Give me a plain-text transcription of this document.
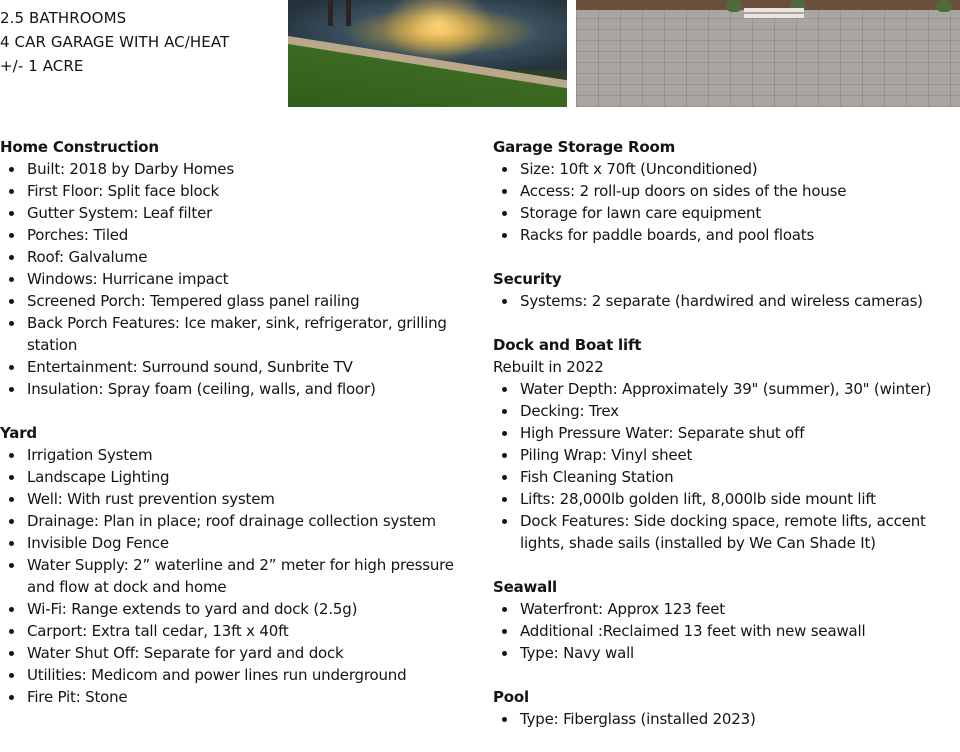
2.5 BATHROOMS
4 CAR GARAGE WITH AC/HEAT
+/- 1 ACRE
Home Construction
Built: 2018 by Darby Homes
First Floor: Split face block
Gutter System: Leaf filter
Porches: Tiled
Roof: Galvalume
Windows: Hurricane impact
Screened Porch: Tempered glass panel railing
Back Porch Features: Ice maker, sink, refrigerator, grilling station
Entertainment: Surround sound, Sunbrite TV
Insulation: Spray foam (ceiling, walls, and floor)
Yard
Irrigation System
Landscape Lighting
Well: With rust prevention system
Drainage: Plan in place; roof drainage collection system
Invisible Dog Fence
Water Supply: 2” waterline and 2” meter for high pressure and flow at dock and home
Wi-Fi: Range extends to yard and dock (2.5g)
Carport: Extra tall cedar, 13ft x 40ft
Water Shut Off: Separate for yard and dock
Utilities: Medicom and power lines run underground
Fire Pit: Stone
Garage Storage Room
Size: 10ft x 70ft (Unconditioned)
Access: 2 roll-up doors on sides of the house
Storage for lawn care equipment
Racks for paddle boards, and pool floats
Security
Systems: 2 separate (hardwired and wireless cameras)
Dock and Boat lift
Rebuilt in 2022
Water Depth: Approximately 39" (summer), 30" (winter)
Decking: Trex
High Pressure Water: Separate shut off
Piling Wrap: Vinyl sheet
Fish Cleaning Station
Lifts: 28,000lb golden lift, 8,000lb side mount lift
Dock Features: Side docking space, remote lifts, accent lights, shade sails (installed by We Can Shade It)
Seawall
Waterfront: Approx 123 feet
Additional :Reclaimed 13 feet with new seawall
Type: Navy wall
Pool
Type: Fiberglass (installed 2023)
